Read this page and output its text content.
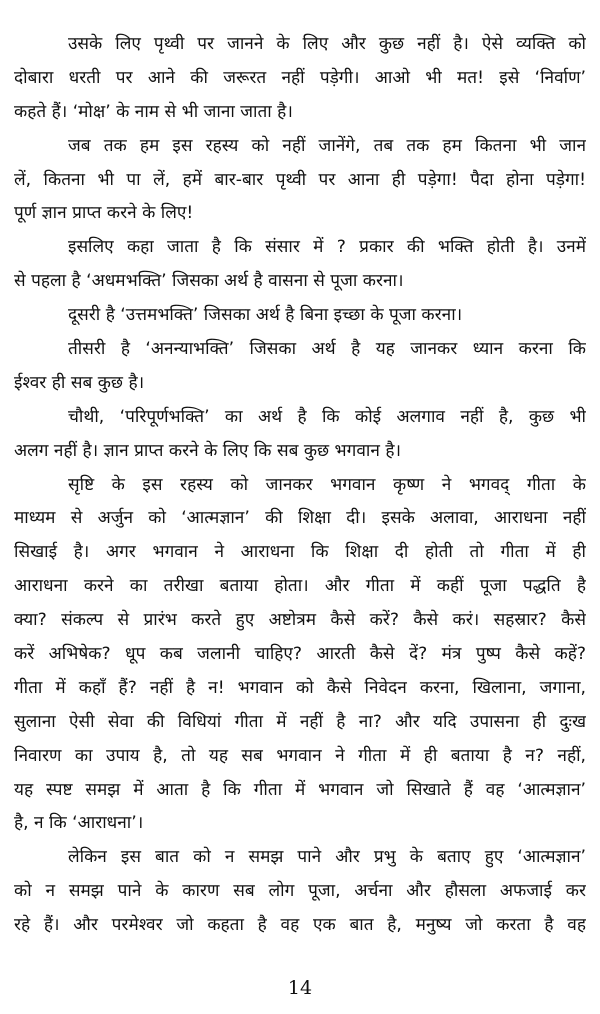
उसके लिए पृथ्वी पर जानने के लिए और कुछ नहीं है। ऐसे व्यक्ति को
दोबारा धरती पर आने की जरूरत नहीं पड़ेगी। आओ भी मत! इसे ‘निर्वाण’
कहते हैं। ‘मोक्ष’ के नाम से भी जाना जाता है।
जब तक हम इस रहस्य को नहीं जानेंगे, तब तक हम कितना भी जान
लें, कितना भी पा लें, हमें बार-बार पृथ्वी पर आना ही पड़ेगा! पैदा होना पड़ेगा!
पूर्ण ज्ञान प्राप्त करने के लिए!
इसलिए कहा जाता है कि संसार में ? प्रकार की भक्ति होती है। उनमें
से पहला है ‘अधमभक्ति’ जिसका अर्थ है वासना से पूजा करना।
दूसरी है ‘उत्तमभक्ति’ जिसका अर्थ है बिना इच्छा के पूजा करना।
तीसरी है ‘अनन्याभक्ति’ जिसका अर्थ है यह जानकर ध्यान करना कि
ईश्वर ही सब कुछ है।
चौथी, ‘परिपूर्णभक्ति’ का अर्थ है कि कोई अलगाव नहीं है, कुछ भी
अलग नहीं है। ज्ञान प्राप्त करने के लिए कि सब कुछ भगवान है।
सृष्टि के इस रहस्य को जानकर भगवान कृष्ण ने भगवद् गीता के
माध्यम से अर्जुन को ‘आत्मज्ञान’ की शिक्षा दी। इसके अलावा, आराधना नहीं
सिखाई है। अगर भगवान ने आराधना कि शिक्षा दी होती तो गीता में ही
आराधना करने का तरीखा बताया होता। और गीता में कहीं पूजा पद्धति है
क्या? संकल्प से प्रारंभ करते हुए अष्टोत्रम कैसे करें? कैसे करं। सहस्रार? कैसे
करें अभिषेक? धूप कब जलानी चाहिए? आरती कैसे दें? मंत्र पुष्प कैसे कहें?
गीता में कहाँ हैं? नहीं है न! भगवान को कैसे निवेदन करना, खिलाना, जगाना,
सुलाना ऐसी सेवा की विधियां गीता में नहीं है ना? और यदि उपासना ही दुःख
निवारण का उपाय है, तो यह सब भगवान ने गीता में ही बताया है न? नहीं,
यह स्पष्ट समझ में आता है कि गीता में भगवान जो सिखाते हैं वह ‘आत्मज्ञान’
है, न कि ‘आराधना’।
लेकिन इस बात को न समझ पाने और प्रभु के बताए हुए ‘आत्मज्ञान’
को न समझ पाने के कारण सब लोग पूजा, अर्चना और हौसला अफजाई कर
रहे हैं। और परमेश्वर जो कहता है वह एक बात है, मनुष्य जो करता है वह
14
